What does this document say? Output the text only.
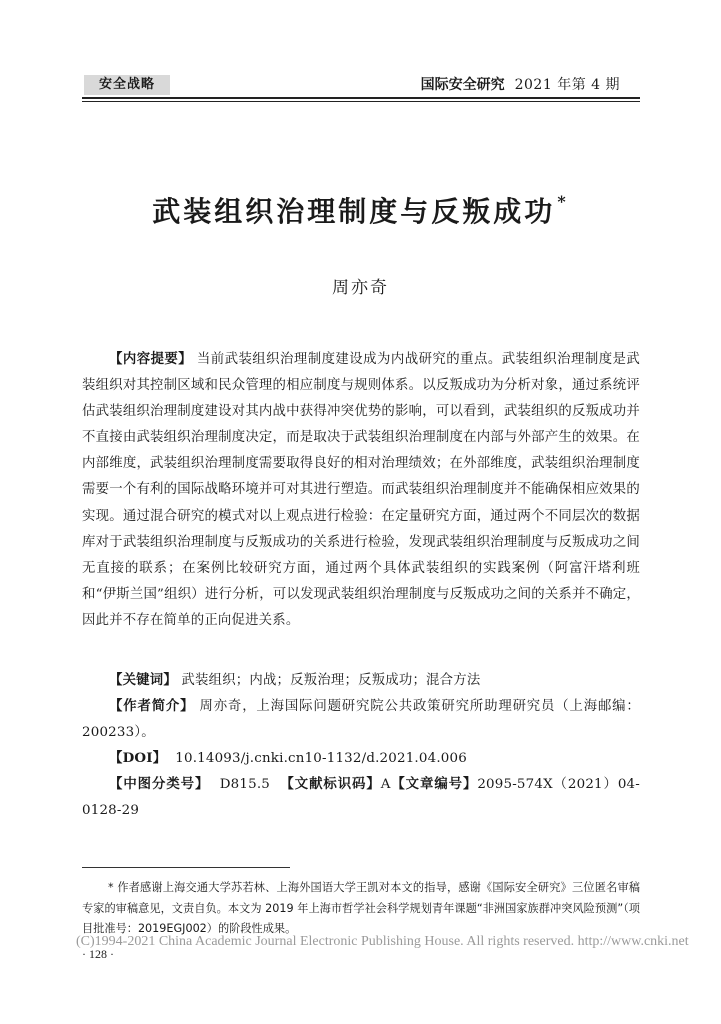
安全战略	国际安全研究 2021 年第 4 期
武装组织治理制度与反叛成功 *
周亦奇
【内容提要】 当前武装组织治理制度建设成为内战研究的重点。武装组织治理制度是武装组织对其控制区域和民众管理的相应制度与规则体系。以反叛成功为分析对象，通过系统评估武装组织治理制度建设对其内战中获得冲突优势的影响，可以看到，武装组织的反叛成功并不直接由武装组织治理制度决定，而是取决于武装组织治理制度在内部与外部产生的效果。在内部维度，武装组织治理制度需要取得良好的相对治理绩效；在外部维度，武装组织治理制度需要一个有利的国际战略环境并可对其进行塑造。而武装组织治理制度并不能确保相应效果的实现。通过混合研究的模式对以上观点进行检验：在定量研究方面，通过两个不同层次的数据库对于武装组织治理制度与反叛成功的关系进行检验，发现武装组织治理制度与反叛成功之间无直接的联系；在案例比较研究方面，通过两个具体武装组织的实践案例（阿富汗塔利班和“伊斯兰国”组织）进行分析，可以发现武装组织治理制度与反叛成功之间的关系并不确定，因此并不存在简单的正向促进关系。
【关键词】 武装组织；内战；反叛治理；反叛成功；混合方法
【作者简介】 周亦奇，上海国际问题研究院公共政策研究所助理研究员（上海邮编：200233）。
【DOI】 10.14093/j.cnki.cn10-1132/d.2021.04.006
【中图分类号】 D815.5 【文献标识码】A【文章编号】2095-574X（2021）04-0128-29
* 作者感谢上海交通大学苏若林、上海外国语大学王凯对本文的指导，感谢《国际安全研究》三位匿名审稿专家的审稿意见，文责自负。本文为 2019 年上海市哲学社会科学规划青年课题“非洲国家族群冲突风险预测”（项目批准号：2019EGJ002）的阶段性成果。
(C)1994-2021 China Academic Journal Electronic Publishing House. All rights reserved. http://www.cnki.net
· 128 ·
